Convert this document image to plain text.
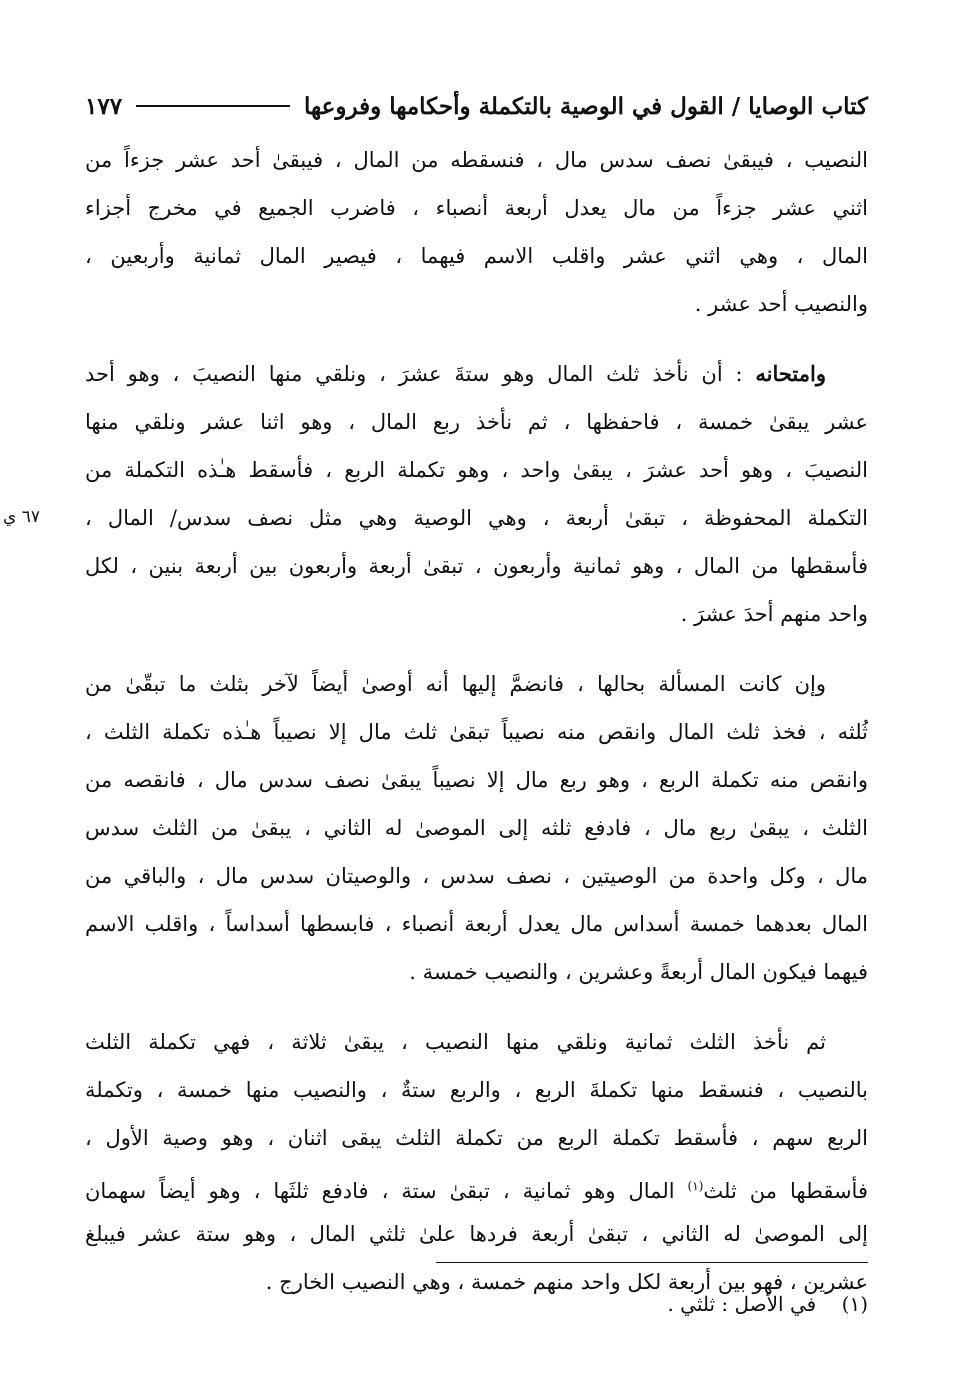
كتاب الوصايا / القول في الوصية بالتكملة وأحكامها وفروعها
١٧٧
النصيب ، فيبقىٰ نصف سدس مال ، فنسقطه من المال ، فيبقىٰ أحد عشر جزءاً من
اثني عشر جزءاً من مال يعدل أربعة أنصباء ، فاضرب الجميع في مخرج أجزاء
المال ، وهي اثني عشر واقلب الاسم فيهما ، فيصير المال ثمانية وأربعين ،
والنصيب أحد عشر .
وامتحانه : أن نأخذ ثلث المال وهو ستةَ عشرَ ، ونلقي منها النصيبَ ، وهو أحد
عشر يبقىٰ خمسة ، فاحفظها ، ثم نأخذ ربع المال ، وهو اثنا عشر ونلقي منها
النصيبَ ، وهو أحد عشرَ ، يبقىٰ واحد ، وهو تكملة الربع ، فأسقط هـٰذه التكملة من
التكملة المحفوظة ، تبقىٰ أربعة ، وهي الوصية وهي مثل نصف سدس/ المال ،
٦٧ ي
فأسقطها من المال ، وهو ثمانية وأربعون ، تبقىٰ أربعة وأربعون بين أربعة بنين ، لكل
واحد منهم أحدَ عشرَ .
وإن كانت المسألة بحالها ، فانضمَّ إليها أنه أوصىٰ أيضاً لآخر بثلث ما تبقّىٰ من
ثُلثه ، فخذ ثلث المال وانقص منه نصيباً تبقىٰ ثلث مال إلا نصيباً هـٰذه تكملة الثلث ،
وانقص منه تكملة الربع ، وهو ربع مال إلا نصيباً يبقىٰ نصف سدس مال ، فانقصه من
الثلث ، يبقىٰ ربع مال ، فادفع ثلثه إلى الموصىٰ له الثاني ، يبقىٰ من الثلث سدس
مال ، وكل واحدة من الوصيتين ، نصف سدس ، والوصيتان سدس مال ، والباقي من
المال بعدهما خمسة أسداس مال يعدل أربعة أنصباء ، فابسطها أسداساً ، واقلب الاسم
فيهما فيكون المال أربعةً وعشرين ، والنصيب خمسة .
ثم نأخذ الثلث ثمانية ونلقي منها النصيب ، يبقىٰ ثلاثة ، فهي تكملة الثلث
بالنصيب ، فنسقط منها تكملةَ الربع ، والربع ستةٌ ، والنصيب منها خمسة ، وتكملة
الربع سهم ، فأسقط تكملة الربع من تكملة الثلث يبقى اثنان ، وهو وصية الأول ،
فأسقطها من ثلث$^{(١)}$ المال وهو ثمانية ، تبقىٰ ستة ، فادفع ثلثَها ، وهو أيضاً سهمان
إلى الموصىٰ له الثاني ، تبقىٰ أربعة فردها علىٰ ثلثي المال ، وهو ستة عشر فيبلغ
عشرين ، فهو بين أربعة لكل واحد منهم خمسة ، وهي النصيب الخارج .
(١)    في الأصل : ثلثي .
